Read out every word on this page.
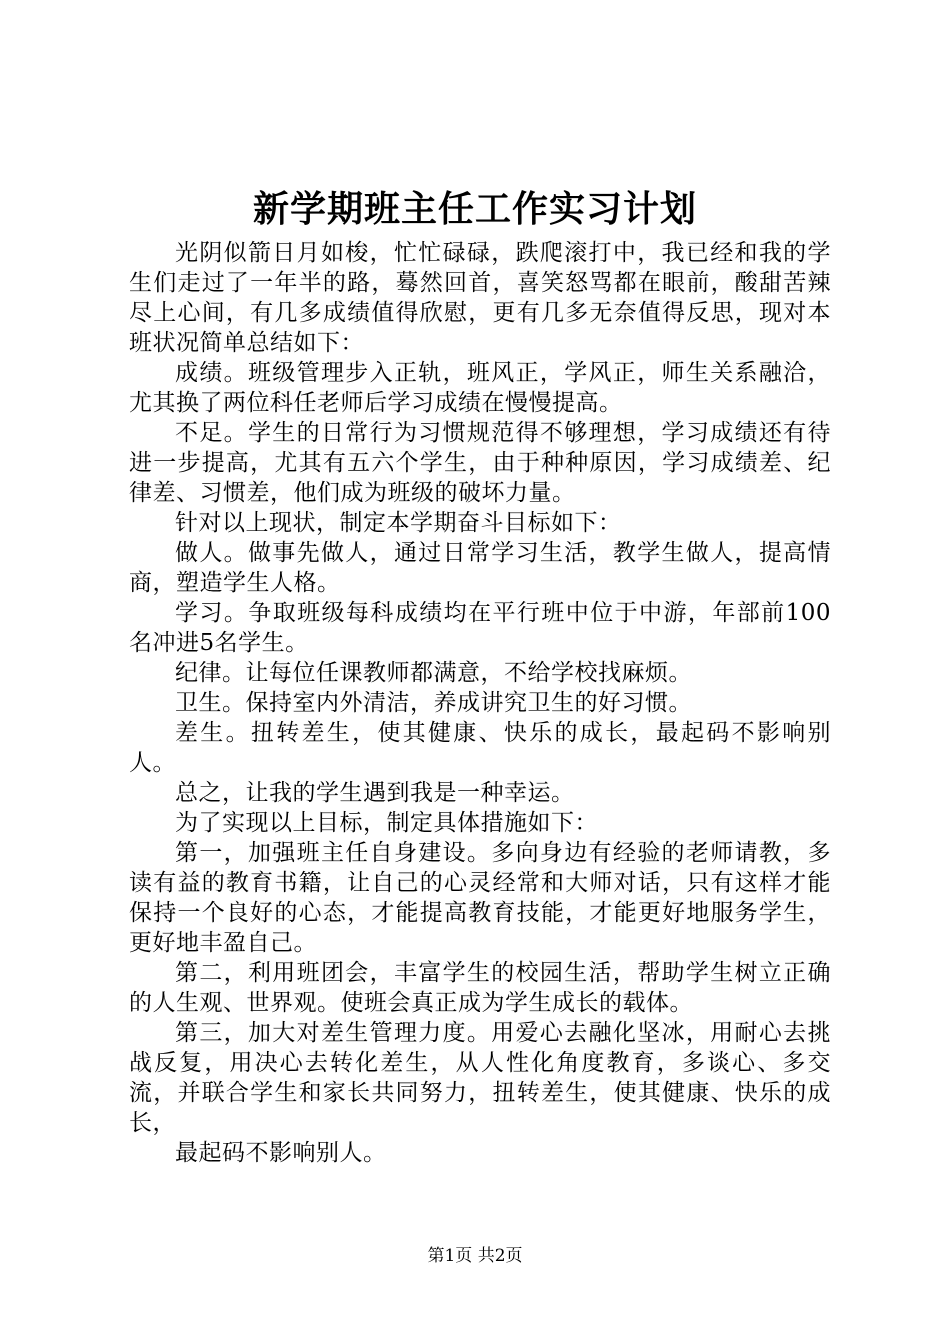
新学期班主任工作实习计划

光阴似箭日月如梭，忙忙碌碌，跌爬滚打中，我已经和我的学生们走过了一年半的路，蓦然回首，喜笑怒骂都在眼前，酸甜苦辣尽上心间，有几多成绩值得欣慰，更有几多无奈值得反思，现对本班状况简单总结如下：

成绩。班级管理步入正轨，班风正，学风正，师生关系融洽，尤其换了两位科任老师后学习成绩在慢慢提高。

不足。学生的日常行为习惯规范得不够理想，学习成绩还有待进一步提高，尤其有五六个学生，由于种种原因，学习成绩差、纪律差、习惯差，他们成为班级的破坏力量。

针对以上现状，制定本学期奋斗目标如下：

做人。做事先做人，通过日常学习生活，教学生做人，提高情商，塑造学生人格。

学习。争取班级每科成绩均在平行班中位于中游，年部前100名冲进5名学生。

纪律。让每位任课教师都满意，不给学校找麻烦。

卫生。保持室内外清洁，养成讲究卫生的好习惯。

差生。扭转差生，使其健康、快乐的成长，最起码不影响别人。

总之，让我的学生遇到我是一种幸运。

为了实现以上目标，制定具体措施如下：

第一，加强班主任自身建设。多向身边有经验的老师请教，多读有益的教育书籍，让自己的心灵经常和大师对话，只有这样才能保持一个良好的心态，才能提高教育技能，才能更好地服务学生，更好地丰盈自己。

第二，利用班团会，丰富学生的校园生活，帮助学生树立正确的人生观、世界观。使班会真正成为学生成长的载体。

第三，加大对差生管理力度。用爱心去融化坚冰，用耐心去挑战反复，用决心去转化差生，从人性化角度教育，多谈心、多交流，并联合学生和家长共同努力，扭转差生，使其健康、快乐的成长，

最起码不影响别人。

第1页 共2页
